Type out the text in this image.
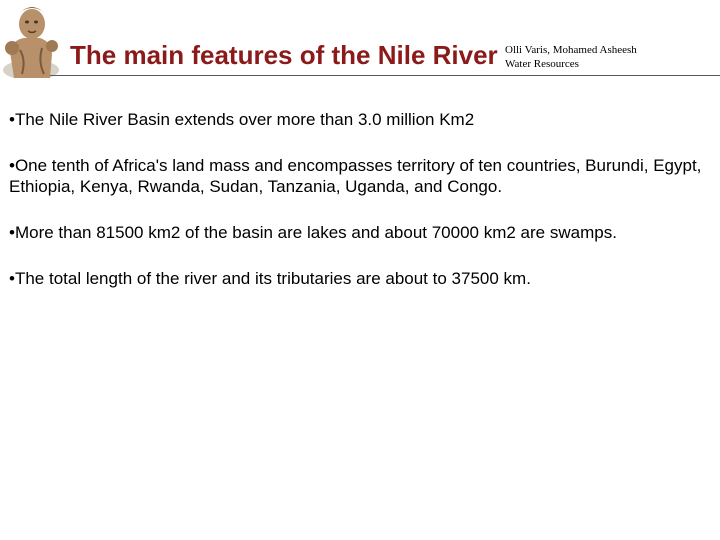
The main features of the Nile River Olli Varis, Mohamed Asheesh
Water Resources
•The Nile River Basin extends over more than 3.0 million Km2
•One tenth of Africa's land mass and encompasses territory of ten countries, Burundi, Egypt, Ethiopia, Kenya, Rwanda, Sudan, Tanzania, Uganda, and Congo.
•More than 81500 km2 of the basin are lakes and about 70000 km2 are swamps.
•The total length of the river and its tributaries are about to 37500 km.
